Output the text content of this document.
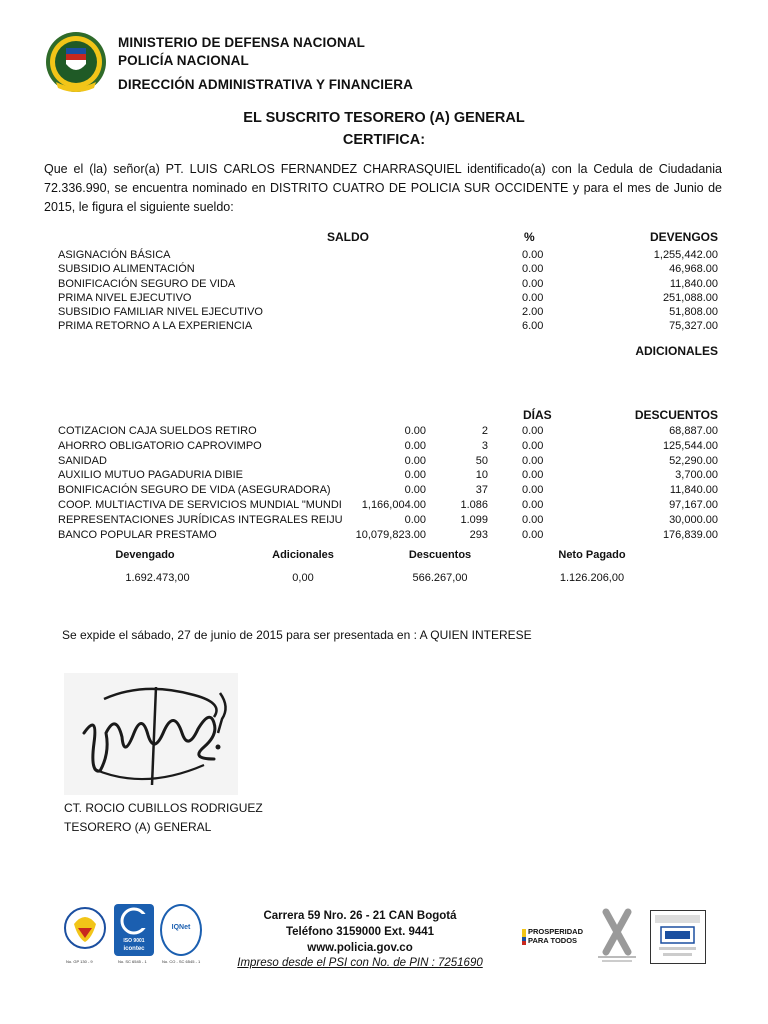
MINISTERIO DE DEFENSA NACIONAL
POLICÍA NACIONAL
DIRECCIÓN ADMINISTRATIVA Y FINANCIERA
EL SUSCRITO TESORERO (A) GENERAL
CERTIFICA:
Que el (la) señor(a) PT. LUIS CARLOS FERNANDEZ CHARRASQUIEL identificado(a) con la Cedula de Ciudadania 72.336.990, se encuentra nominado en DISTRITO CUATRO DE POLICIA SUR OCCIDENTE y para el mes de Junio de 2015, le figura el siguiente sueldo:
SALDO	%	DEVENGOS
ASIGNACIÓN BÁSICA	0.00	1,255,442.00
SUBSIDIO ALIMENTACIÓN	0.00	46,968.00
BONIFICACIÓN SEGURO DE VIDA	0.00	11,840.00
PRIMA NIVEL EJECUTIVO	0.00	251,088.00
SUBSIDIO FAMILIAR NIVEL EJECUTIVO	2.00	51,808.00
PRIMA RETORNO A LA EXPERIENCIA	6.00	75,327.00
ADICIONALES
DÍAS	DESCUENTOS
COTIZACION CAJA SUELDOS RETIRO	0.00	2	0.00	68,887.00
AHORRO OBLIGATORIO CAPROVIMPO	0.00	3	0.00	125,544.00
SANIDAD	0.00	50	0.00	52,290.00
AUXILIO MUTUO PAGADURIA DIBIE	0.00	10	0.00	3,700.00
BONIFICACIÓN SEGURO DE VIDA (ASEGURADORA)	0.00	37	0.00	11,840.00
COOP. MULTIACTIVA DE SERVICIOS MUNDIAL "MUNDI 1,166,004.00	1.086	0.00	97,167.00
REPRESENTACIONES JURÍDICAS INTEGRALES REIJU	0.00	1.099	0.00	30,000.00
BANCO POPULAR PRESTAMO	10,079,823.00	293	0.00	176,839.00
Devengado	Adicionales	Descuentos	Neto Pagado
1.692.473,00	0,00	566.267,00	1.126.206,00
Se expide el sábado, 27 de junio de 2015 para ser presentada en : A QUIEN INTERESE
CT. ROCIO CUBILLOS RODRIGUEZ
TESORERO (A) GENERAL
ISO 9001
icontec
IQNet
No. GP 130 - 9	No. SC 6545 - 1	No. CO - SC 6545 - 1
Carrera 59 Nro. 26 - 21 CAN Bogotá
Teléfono 3159000 Ext. 9441
www.policia.gov.co
Impreso desde el PSI con No. de PIN : 7251690
PROSPERIDAD PARA TODOS
